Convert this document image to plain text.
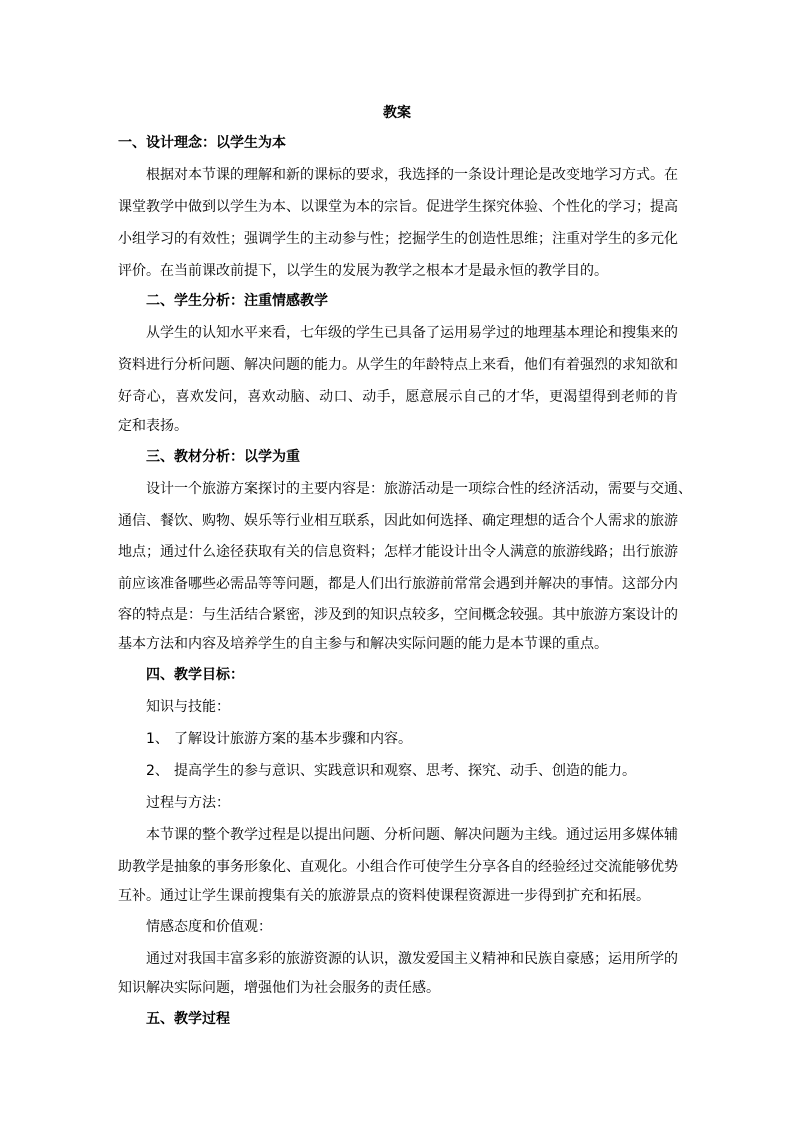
教案
一、设计理念：以学生为本
根据对本节课的理解和新的课标的要求，我选择的一条设计理论是改变地学习方式。在
课堂教学中做到以学生为本、以课堂为本的宗旨。促进学生探究体验、个性化的学习；提高
小组学习的有效性；强调学生的主动参与性；挖掘学生的创造性思维；注重对学生的多元化
评价。在当前课改前提下，以学生的发展为教学之根本才是最永恒的教学目的。
二、学生分析：注重情感教学
从学生的认知水平来看，七年级的学生已具备了运用易学过的地理基本理论和搜集来的
资料进行分析问题、解决问题的能力。从学生的年龄特点上来看，他们有着强烈的求知欲和
好奇心，喜欢发问，喜欢动脑、动口、动手，愿意展示自己的才华，更渴望得到老师的肯
定和表扬。
三、教材分析：以学为重
设计一个旅游方案探讨的主要内容是：旅游活动是一项综合性的经济活动，需要与交通、
通信、餐饮、购物、娱乐等行业相互联系，因此如何选择、确定理想的适合个人需求的旅游
地点；通过什么途径获取有关的信息资料；怎样才能设计出令人满意的旅游线路；出行旅游
前应该准备哪些必需品等等问题，都是人们出行旅游前常常会遇到并解决的事情。这部分内
容的特点是：与生活结合紧密，涉及到的知识点较多，空间概念较强。其中旅游方案设计的
基本方法和内容及培养学生的自主参与和解决实际问题的能力是本节课的重点。
四、教学目标：
知识与技能：
1、 了解设计旅游方案的基本步骤和内容。
2、 提高学生的参与意识、实践意识和观察、思考、探究、动手、创造的能力。
过程与方法：
本节课的整个教学过程是以提出问题、分析问题、解决问题为主线。通过运用多媒体辅
助教学是抽象的事务形象化、直观化。小组合作可使学生分享各自的经验经过交流能够优势
互补。通过让学生课前搜集有关的旅游景点的资料使课程资源进一步得到扩充和拓展。
情感态度和价值观：
通过对我国丰富多彩的旅游资源的认识，激发爱国主义精神和民族自豪感；运用所学的
知识解决实际问题，增强他们为社会服务的责任感。
五、教学过程
